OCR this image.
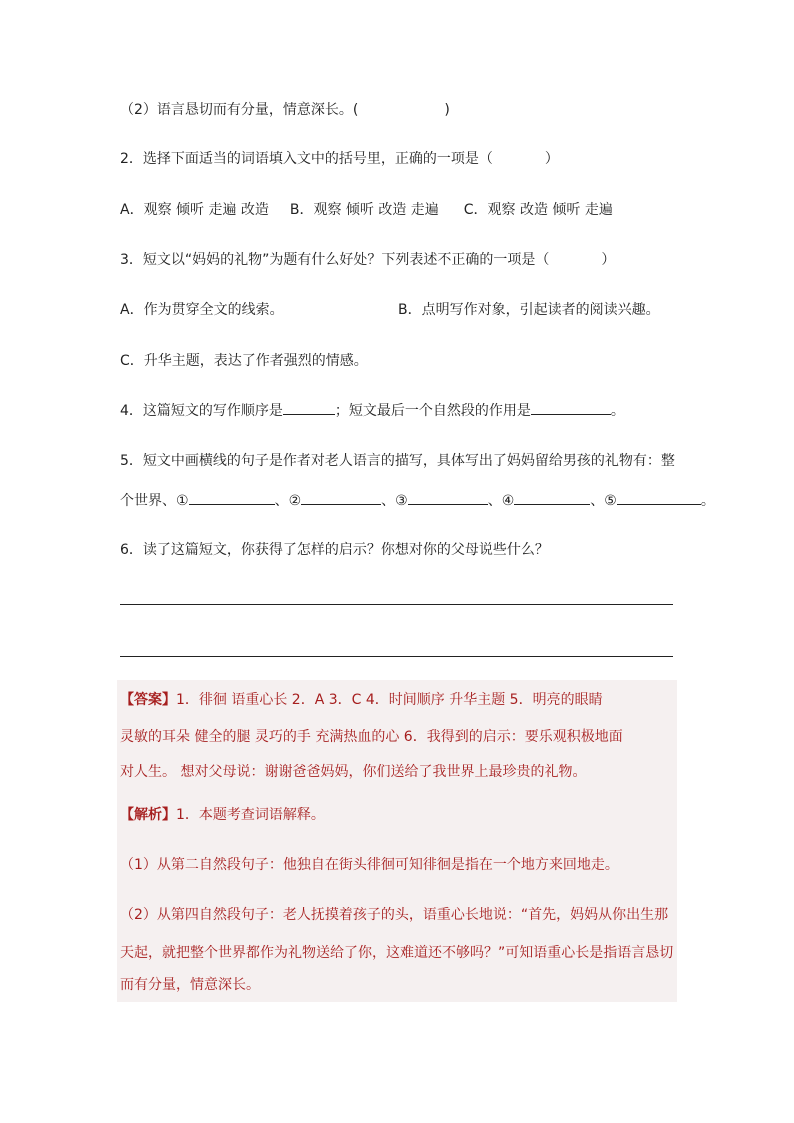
（2）语言恳切而有分量，情意深长。(	)
2．选择下面适当的词语填入文中的括号里，正确的一项是（	）
A．观察 倾听 走遍 改造 B．观察 倾听 改造 走遍 C．观察 改造 倾听 走遍
3．短文以“妈妈的礼物”为题有什么好处？下列表述不正确的一项是（	）
A．作为贯穿全文的线索。	B．点明写作对象，引起读者的阅读兴趣。
C．升华主题，表达了作者强烈的情感。
4．这篇短文的写作顺序是	；短文最后一个自然段的作用是	。
5．短文中画横线的句子是作者对老人语言的描写，具体写出了妈妈留给男孩的礼物有：整
个世界、①	、②	、③	、④	、⑤	。
6．读了这篇短文，你获得了怎样的启示？你想对你的父母说些什么？
【答案】1．徘徊 语重心长 2．A 3．C 4．时间顺序 升华主题 5．明亮的眼睛
灵敏的耳朵 健全的腿 灵巧的手 充满热血的心 6．我得到的启示：要乐观积极地面
对人生。 想对父母说：谢谢爸爸妈妈，你们送给了我世界上最珍贵的礼物。
【解析】1．本题考查词语解释。
（1）从第二自然段句子：他独自在街头徘徊可知徘徊是指在一个地方来回地走。
（2）从第四自然段句子：老人抚摸着孩子的头，语重心长地说：“首先，妈妈从你出生那
天起，就把整个世界都作为礼物送给了你，这难道还不够吗？”可知语重心长是指语言恳切
而有分量，情意深长。
